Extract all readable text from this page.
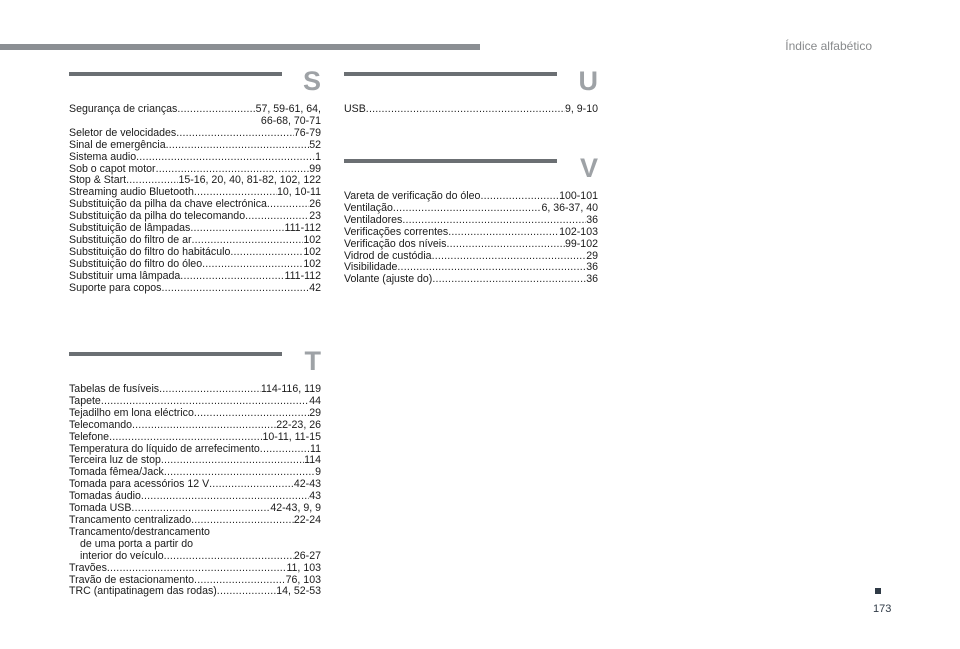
Índice alfabético
S
Segurança de crianças .....	57, 59-61, 64,
66-68, 70-71
Seletor de velocidades .....	76-79
Sinal de emergência .....	52
Sistema audio .....	1
Sob o capot motor .....	99
Stop & Start .....	15-16, 20, 40, 81-82, 102, 122
Streaming audio Bluetooth .....	10, 10-11
Substituição da pilha da chave electrónica .....	26
Substituição da pilha do telecomando .....	23
Substituição de lâmpadas .....	111-112
Substituição do filtro de ar .....	102
Substituição do filtro do habitáculo .....	102
Substituição do filtro do óleo .....	102
Substituir uma lâmpada .....	111-112
Suporte para copos .....	42
T
Tabelas de fusíveis .....	114-116, 119
Tapete .....	44
Tejadilho em lona eléctrico .....	29
Telecomando .....	22-23, 26
Telefone .....	10-11, 11-15
Temperatura do líquido de arrefecimento .....	11
Terceira luz de stop .....	114
Tomada fêmea/Jack .....	9
Tomada para acessórios 12 V .....	42-43
Tomadas áudio .....	43
Tomada USB .....	42-43, 9, 9
Trancamento centralizado .....	22-24
Trancamento/destrancamento
de uma porta a partir do
interior do veículo .....	26-27
Travões .....	11, 103
Travão de estacionamento .....	76, 103
TRC (antipatinagem das rodas) .....	14, 52-53
U
USB .....	9, 9-10
V
Vareta de verificação do óleo .....	100-101
Ventilação .....	6, 36-37, 40
Ventiladores .....	36
Verificações correntes .....	102-103
Verificação dos níveis .....	99-102
Vidrod de custódia .....	29
Visibilidade .....	36
Volante (ajuste do) .....	36
173
